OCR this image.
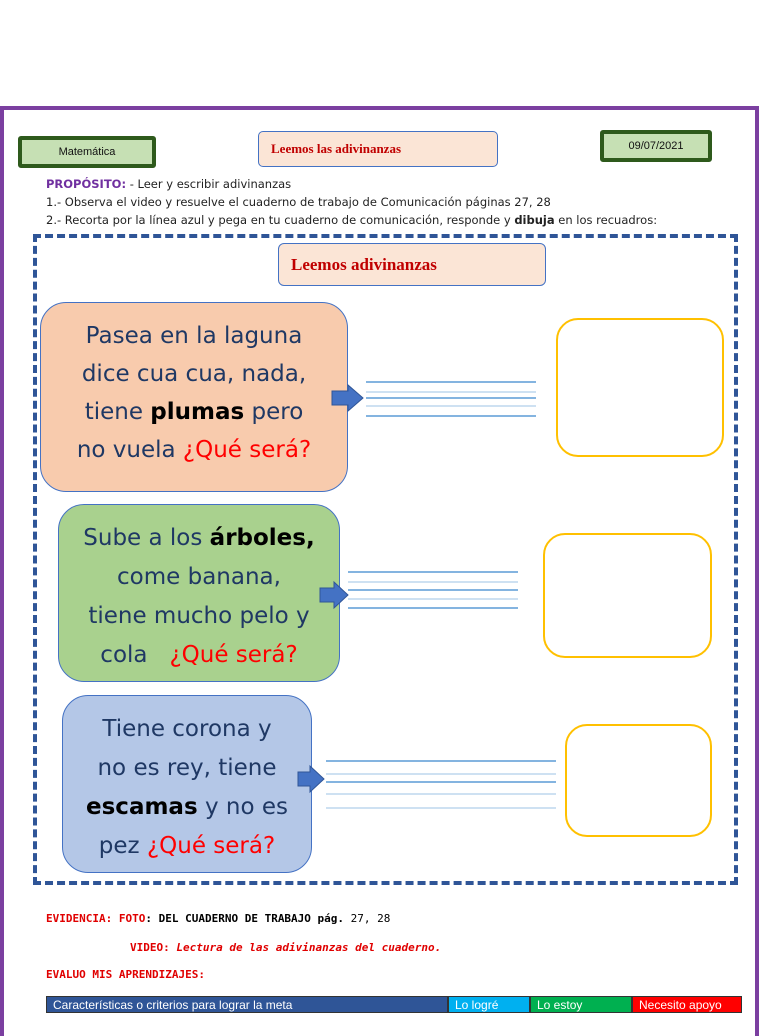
Matemática	Leemos las adivinanzas	09/07/2021
PROPÓSITO: - Leer y escribir adivinanzas
1.- Observa el video y resuelve el cuaderno de trabajo de Comunicación páginas 27, 28
2.- Recorta por la línea azul y pega en tu cuaderno de comunicación, responde y dibuja en los recuadros:
Leemos adivinanzas
Pasea en la laguna
dice cua cua, nada,
tiene plumas pero
no vuela ¿Qué será?
Sube a los árboles,
come banana,
tiene mucho pelo y
cola   ¿Qué será?
Tiene corona y
no es rey, tiene
escamas y no es
pez ¿Qué será?
EVIDENCIA: FOTO: DEL CUADERNO DE TRABAJO pág. 27, 28
VIDEO: Lectura de las adivinanzas del cuaderno.
EVALUO MIS APRENDIZAJES:
Características o criterios para lograr la meta	Lo logré	Lo estoy	Necesito apoyo
